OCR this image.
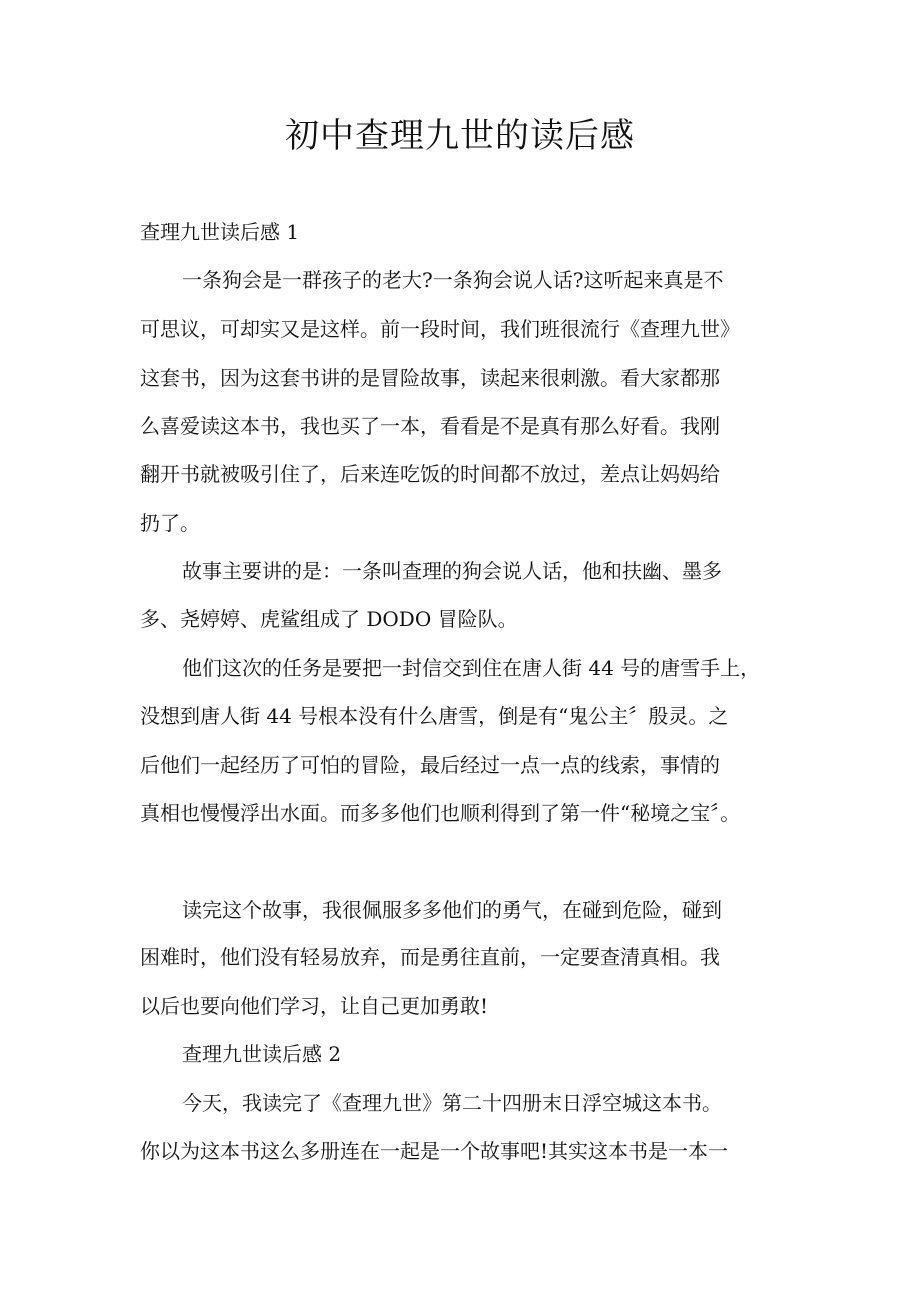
初中查理九世的读后感

查理九世读后感 1

一条狗会是一群孩子的老大?一条狗会说人话?这听起来真是不

可思议，可却实又是这样。前一段时间，我们班很流行《查理九世》

这套书，因为这套书讲的是冒险故事，读起来很刺激。看大家都那

么喜爱读这本书，我也买了一本，看看是不是真有那么好看。我刚

翻开书就被吸引住了，后来连吃饭的时间都不放过，差点让妈妈给

扔了。

故事主要讲的是：一条叫查理的狗会说人话，他和扶幽、墨多

多、尧婷婷、虎鲨组成了 DODO 冒险队。

他们这次的任务是要把一封信交到住在唐人街 44 号的唐雪手上，

没想到唐人街 44 号根本没有什么唐雪，倒是有“鬼公主〞殷灵。之

后他们一起经历了可怕的冒险，最后经过一点一点的线索，事情的

真相也慢慢浮出水面。而多多他们也顺利得到了第一件“秘境之宝〞。

读完这个故事，我很佩服多多他们的勇气，在碰到危险，碰到

困难时，他们没有轻易放弃，而是勇往直前，一定要查清真相。我

以后也要向他们学习，让自己更加勇敢!

查理九世读后感 2

今天，我读完了《查理九世》第二十四册末日浮空城这本书。

你以为这本书这么多册连在一起是一个故事吧!其实这本书是一本一
